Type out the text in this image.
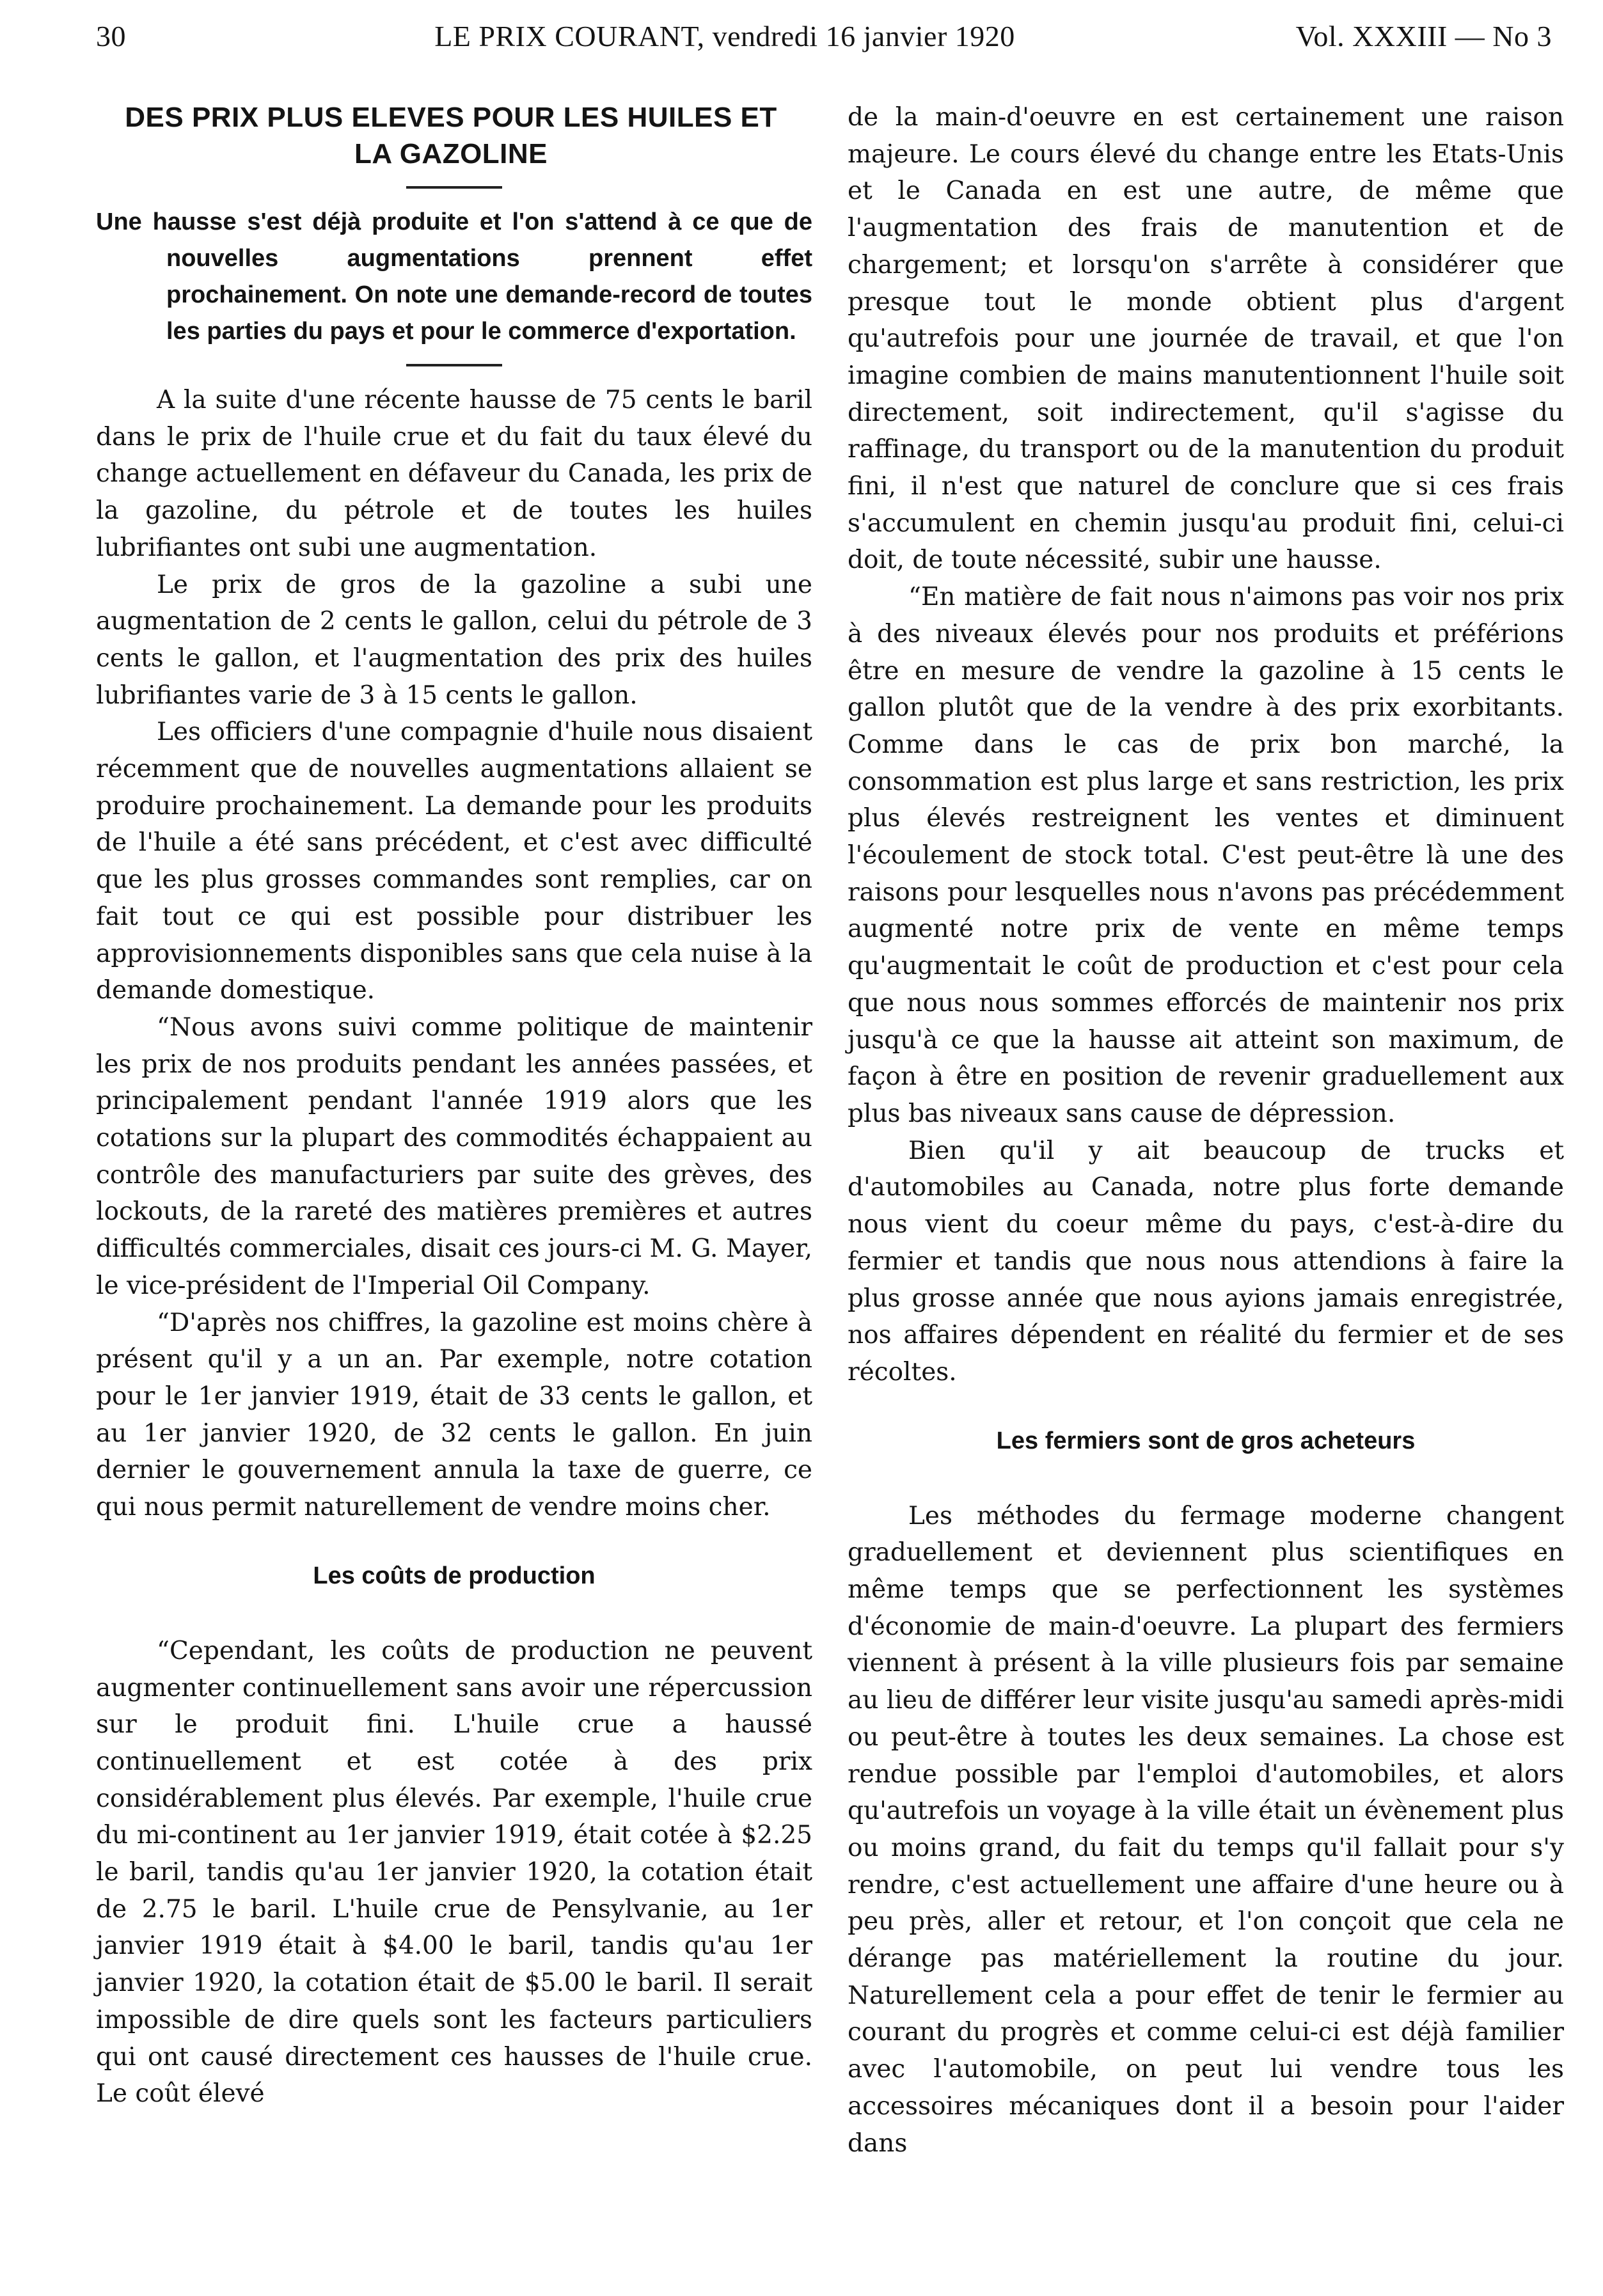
30	LE PRIX COURANT, vendredi 16 janvier 1920	Vol. XXXIII — No 3
DES PRIX PLUS ELEVES POUR LES HUILES ET LA GAZOLINE
Une hausse s'est déjà produite et l'on s'attend à ce que de nouvelles augmentations prennent effet prochainement. On note une demande-record de toutes les parties du pays et pour le commerce d'exportation.

A la suite d'une récente hausse de 75 cents le baril dans le prix de l'huile crue et du fait du taux élevé du change actuellement en défaveur du Canada, les prix de la gazoline, du pétrole et de toutes les huiles lubrifiantes ont subi une augmentation.

Le prix de gros de la gazoline a subi une augmentation de 2 cents le gallon, celui du pétrole de 3 cents le gallon, et l'augmentation des prix des huiles lubrifiantes varie de 3 à 15 cents le gallon.

Les officiers d'une compagnie d'huile nous disaient récemment que de nouvelles augmentations allaient se produire prochainement. La demande pour les produits de l'huile a été sans précédent, et c'est avec difficulté que les plus grosses commandes sont remplies, car on fait tout ce qui est possible pour distribuer les approvisionnements disponibles sans que cela nuise à la demande domestique.

“Nous avons suivi comme politique de maintenir les prix de nos produits pendant les années passées, et principalement pendant l'année 1919 alors que les cotations sur la plupart des commodités échappaient au contrôle des manufacturiers par suite des grèves, des lockouts, de la rareté des matières premières et autres difficultés commerciales, disait ces jours-ci M. G. Mayer, le vice-président de l'Imperial Oil Company.

“D'après nos chiffres, la gazoline est moins chère à présent qu'il y a un an. Par exemple, notre cotation pour le 1er janvier 1919, était de 33 cents le gallon, et au 1er janvier 1920, de 32 cents le gallon. En juin dernier le gouvernement annula la taxe de guerre, ce qui nous permit naturellement de vendre moins cher.

Les coûts de production

“Cependant, les coûts de production ne peuvent augmenter continuellement sans avoir une répercussion sur le produit fini. L'huile crue a haussé continuellement et est cotée à des prix considérablement plus élevés. Par exemple, l'huile crue du mi-continent au 1er janvier 1919, était cotée à $2.25 le baril, tandis qu'au 1er janvier 1920, la cotation était de 2.75 le baril. L'huile crue de Pensylvanie, au 1er janvier 1919 était à $4.00 le baril, tandis qu'au 1er janvier 1920, la cotation était de $5.00 le baril. Il serait impossible de dire quels sont les facteurs particuliers qui ont causé directement ces hausses de l'huile crue. Le coût élevé

de la main-d'oeuvre en est certainement une raison majeure. Le cours élevé du change entre les Etats-Unis et le Canada en est une autre, de même que l'augmentation des frais de manutention et de chargement; et lorsqu'on s'arrête à considérer que presque tout le monde obtient plus d'argent qu'autrefois pour une journée de travail, et que l'on imagine combien de mains manutentionnent l'huile soit directement, soit indirectement, qu'il s'agisse du raffinage, du transport ou de la manutention du produit fini, il n'est que naturel de conclure que si ces frais s'accumulent en chemin jusqu'au produit fini, celui-ci doit, de toute nécessité, subir une hausse.

“En matière de fait nous n'aimons pas voir nos prix à des niveaux élevés pour nos produits et préférions être en mesure de vendre la gazoline à 15 cents le gallon plutôt que de la vendre à des prix exorbitants. Comme dans le cas de prix bon marché, la consommation est plus large et sans restriction, les prix plus élevés restreignent les ventes et diminuent l'écoulement de stock total. C'est peut-être là une des raisons pour lesquelles nous n'avons pas précédemment augmenté notre prix de vente en même temps qu'augmentait le coût de production et c'est pour cela que nous nous sommes efforcés de maintenir nos prix jusqu'à ce que la hausse ait atteint son maximum, de façon à être en position de revenir graduellement aux plus bas niveaux sans cause de dépression.

Bien qu'il y ait beaucoup de trucks et d'automobiles au Canada, notre plus forte demande nous vient du coeur même du pays, c'est-à-dire du fermier et tandis que nous nous attendions à faire la plus grosse année que nous ayions jamais enregistrée, nos affaires dépendent en réalité du fermier et de ses récoltes.

Les fermiers sont de gros acheteurs

Les méthodes du fermage moderne changent graduellement et deviennent plus scientifiques en même temps que se perfectionnent les systèmes d'économie de main-d'oeuvre. La plupart des fermiers viennent à présent à la ville plusieurs fois par semaine au lieu de différer leur visite jusqu'au samedi après-midi ou peut-être à toutes les deux semaines. La chose est rendue possible par l'emploi d'automobiles, et alors qu'autrefois un voyage à la ville était un évènement plus ou moins grand, du fait du temps qu'il fallait pour s'y rendre, c'est actuellement une affaire d'une heure ou à peu près, aller et retour, et l'on conçoit que cela ne dérange pas matériellement la routine du jour. Naturellement cela a pour effet de tenir le fermier au courant du progrès et comme celui-ci est déjà familier avec l'automobile, on peut lui vendre tous les accessoires mécaniques dont il a besoin pour l'aider dans
